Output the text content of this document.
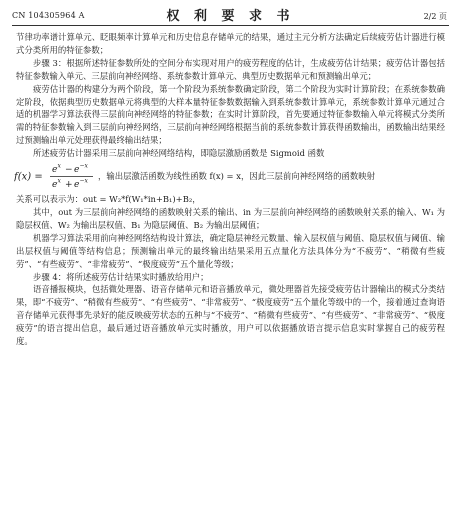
CN 104305964 A	权 利 要 求 书	2/2 页

节律功率谱计算单元、眨眼频率计算单元和历史信息存储单元的结果，通过主元分析方法确定后续疲劳估计器进行模式分类所用的特征参数；

步骤 3：根据所述特征参数所处的空间分布实现对用户的疲劳程度的估计，生成疲劳估计结果；疲劳估计器包括特征参数输入单元、三层前向神经网络、系统参数计算单元、典型历史数据单元和预测输出单元；

疲劳估计器的构建分为两个阶段，第一个阶段为系统参数确定阶段，第二个阶段为实时计算阶段；在系统参数确定阶段，依据典型历史数据单元将典型的大样本量特征参数数据输入到系统参数计算单元，系统参数计算单元通过合适的机器学习算法获得三层前向神经网络的特征参数；在实时计算阶段，首先要通过特征参数输入单元将模式分类所需的特征参数输入到三层前向神经网络，三层前向神经网络根据当前的系统参数计算获得函数输出，函数输出结果经过预测输出单元处理获得最终输出结果；

所述疲劳估计器采用三层前向神经网络结构，即隐层激励函数是 Sigmoid 函数

f(x) =
e x − e −x
e x + e −x
，输出层激活函数为线性函数 f(x) = x，因此三层前向神经网络的函数映射

关系可以表示为：out = W₂*f(W₁*in+B₁)+B₂，

其中，out 为三层前向神经网络的函数映射关系的输出、in 为三层前向神经网络的函数映射关系的输入、W₁ 为隐层权值、W₂ 为输出层权值、B₁ 为隐层阈值、B₂ 为输出层阈值；

机器学习算法采用前向神经网络结构设计算法，确定隐层神经元数量、输入层权值与阈值、隐层权值与阈值、输出层权值与阈值等结构信息；预测输出单元的最终输出结果采用五点量化方法具体分为“不疲劳”、“稍微有些疲劳”、“有些疲劳”、“非常疲劳”、“极度疲劳”五个量化等级；

步骤 4：将所述疲劳估计结果实时播放给用户；

语音播报模块，包括微处理器、语音存储单元和语音播放单元，微处理器首先接受疲劳估计器输出的模式分类结果，即“不疲劳”、“稍微有些疲劳”、“有些疲劳”、“非常疲劳”、“极度疲劳”五个量化等级中的一个，接着通过查询语音存储单元获得事先录好的能反映疲劳状态的五种与“不疲劳”、“稍微有些疲劳”、“有些疲劳”、“非常疲劳”、“极度疲劳”的语言提出信息，最后通过语音播放单元实时播放，用户可以依据播放语言提示信息实时掌握自己的疲劳程度。
